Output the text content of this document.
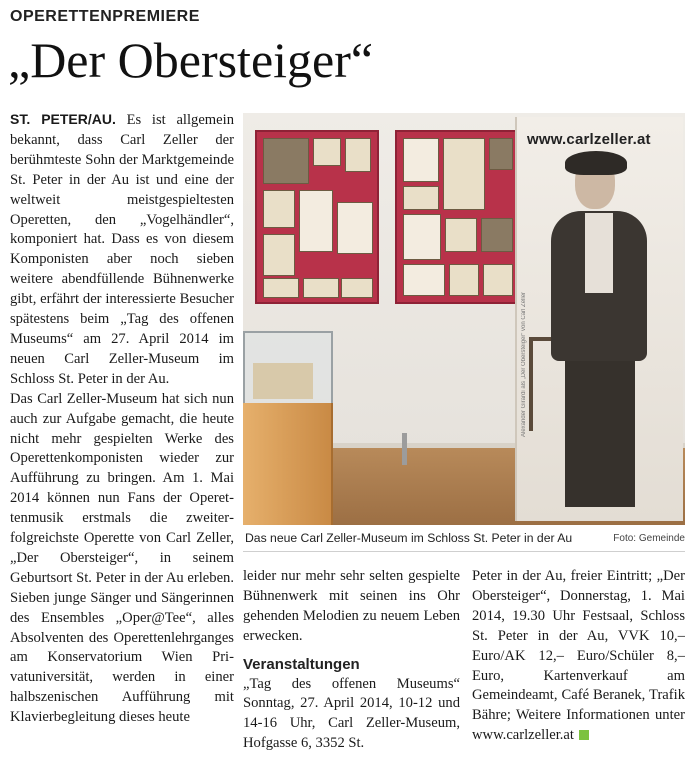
OPERETTENPREMIERE
„Der Obersteiger“

ST. PETER/AU. Es ist allgemein bekannt, dass Carl Zeller der berühmteste Sohn der Marktgemeinde St. Peter in der Au ist und eine der weltweit meistgespieltesten Operetten, den „Vogelhändler“, komponiert hat. Dass es von diesem Komponisten aber noch sieben weitere abendfüllende Bühnenwerke gibt, erfährt der interessierte Besucher spätestens beim „Tag des offenen Museums“ am 27. April 2014 im neuen Carl Zeller-Museum im Schloss St. Peter in der Au.

Das Carl Zeller-Museum hat sich nun auch zur Aufgabe gemacht, die heute nicht mehr gespielten Werke des Operettenkomponisten wieder zur Aufführung zu bringen. Am 1. Mai 2014 können nun Fans der Operettenmusik erstmals die zweiterfolgreichste Operette von Carl Zeller, „Der Obersteiger“, in seinem Geburtsort St. Peter in der Au erleben. Sieben junge Sänger und Sängerinnen des Ensembles „Oper@Tee“, alles Absolventen des Operettenlehrganges am Konservatorium Wien Privatuniversität, werden in einer halbszenischen Aufführung mit Klavierbegleitung dieses heute

www.carlzeller.at
Alexander Girardi als „Der Obersteiger“ von Carl Zeller
Das neue Carl Zeller-Museum im Schloss St. Peter in der Au	Foto: Gemeinde

leider nur mehr sehr selten gespielte Bühnenwerk mit seinen ins Ohr gehenden Melodien zu neuem Leben erwecken.

Veranstaltungen

„Tag des offenen Museums“ Sonntag, 27. April 2014, 10-12 und 14-16 Uhr, Carl Zeller-Museum, Hofgasse 6, 3352 St.

Peter in der Au, freier Eintritt; „Der Obersteiger“, Donnerstag, 1. Mai 2014, 19.30 Uhr Festsaal, Schloss St. Peter in der Au, VVK 10,– Euro/AK 12,– Euro/Schüler 8,– Euro, Kartenverkauf am Gemeindeamt, Café Beranek, Trafik Bähre; Weitere Informationen unter www.carlzeller.at
